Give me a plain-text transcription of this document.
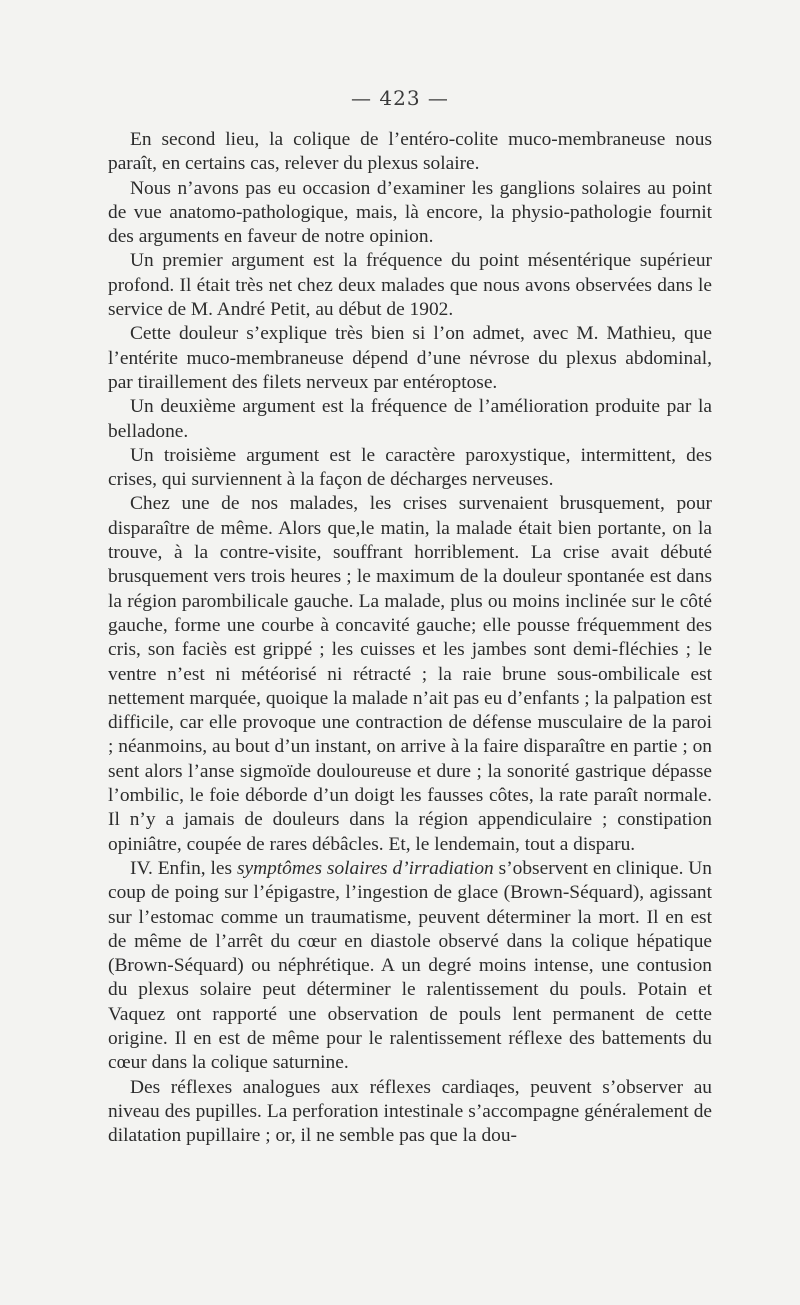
— 423 —

En second lieu, la colique de l’entéro-colite muco-membraneuse nous paraît, en certains cas, relever du plexus solaire.

Nous n’avons pas eu occasion d’examiner les ganglions solaires au point de vue anatomo-pathologique, mais, là encore, la physio-pathologie fournit des arguments en faveur de notre opinion.

Un premier argument est la fréquence du point mésentérique supérieur profond. Il était très net chez deux malades que nous avons observées dans le service de M. André Petit, au début de 1902.

Cette douleur s’explique très bien si l’on admet, avec M. Mathieu, que l’entérite muco-membraneuse dépend d’une névrose du plexus abdominal, par tiraillement des filets nerveux par entéroptose.

Un deuxième argument est la fréquence de l’amélioration produite par la belladone.

Un troisième argument est le caractère paroxystique, intermittent, des crises, qui surviennent à la façon de décharges nerveuses.

Chez une de nos malades, les crises survenaient brusquement, pour disparaître de même. Alors que,le matin, la malade était bien portante, on la trouve, à la contre-visite, souffrant horriblement. La crise avait débuté brusquement vers trois heures ; le maximum de la douleur spontanée est dans la région parombilicale gauche. La malade, plus ou moins inclinée sur le côté gauche, forme une courbe à concavité gauche; elle pousse fréquemment des cris, son faciès est grippé ; les cuisses et les jambes sont demi-fléchies ; le ventre n’est ni météorisé ni rétracté ; la raie brune sous-ombilicale est nettement marquée, quoique la malade n’ait pas eu d’enfants ; la palpation est difficile, car elle provoque une contraction de défense musculaire de la paroi ; néanmoins, au bout d’un instant, on arrive à la faire disparaître en partie ; on sent alors l’anse sigmoïde douloureuse et dure ; la sonorité gastrique dépasse l’ombilic, le foie déborde d’un doigt les fausses côtes, la rate paraît normale. Il n’y a jamais de douleurs dans la région appendiculaire ; constipation opiniâtre, coupée de rares débâcles. Et, le lendemain, tout a disparu.

IV. Enfin, les symptômes solaires d’irradiation s’observent en clinique. Un coup de poing sur l’épigastre, l’ingestion de glace (Brown-Séquard), agissant sur l’estomac comme un traumatisme, peuvent déterminer la mort. Il en est de même de l’arrêt du cœur en diastole observé dans la colique hépatique (Brown-Séquard) ou néphrétique. A un degré moins intense, une contusion du plexus solaire peut déterminer le ralentissement du pouls. Potain et Vaquez ont rapporté une observation de pouls lent permanent de cette origine. Il en est de même pour le ralentissement réflexe des battements du cœur dans la colique saturnine.

Des réflexes analogues aux réflexes cardiaqes, peuvent s’observer au niveau des pupilles. La perforation intestinale s’accompagne généralement de dilatation pupillaire ; or, il ne semble pas que la dou-
